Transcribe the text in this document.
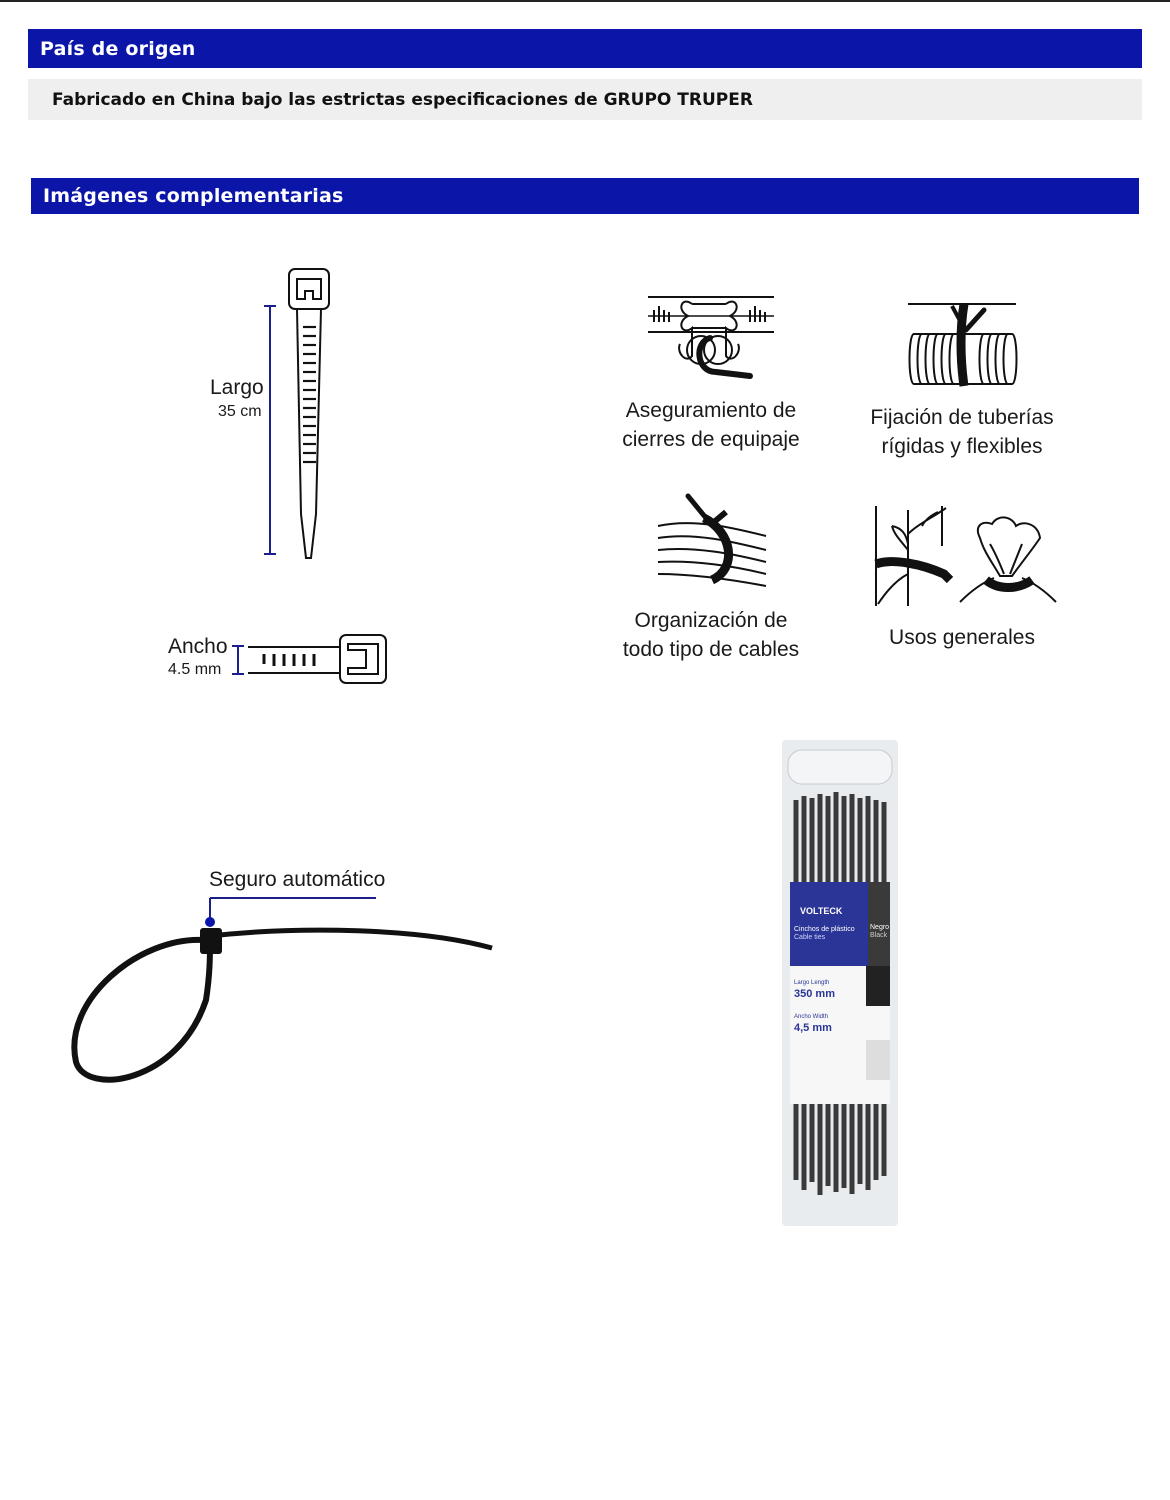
País de origen
Fabricado en China bajo las estrictas especificaciones de GRUPO TRUPER
Imágenes complementarias
Largo
35 cm
Ancho
4.5 mm
Aseguramiento de
cierres de equipaje
Fijación de tuberías
rígidas y flexibles
Organización de
todo tipo de cables
Usos generales
Seguro automático
VOLTECK
Cinchos de plástico
Cable ties
Negro
Black
Largo Length
350 mm
Ancho Width
4,5 mm
